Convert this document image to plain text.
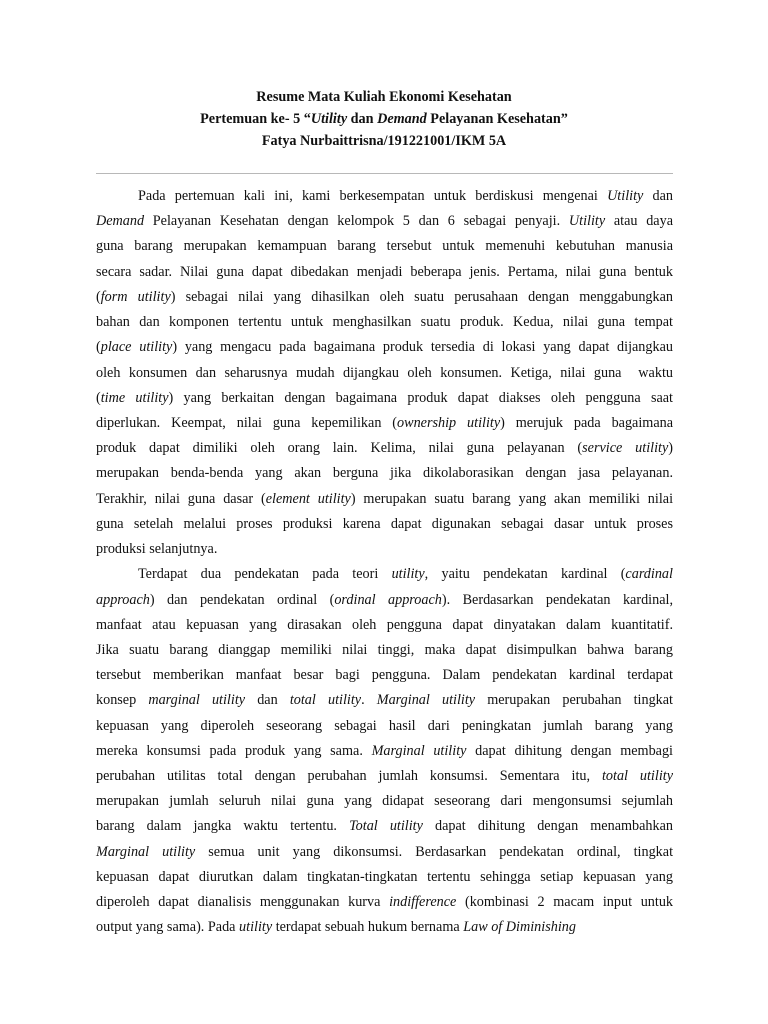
Resume Mata Kuliah Ekonomi Kesehatan
Pertemuan ke- 5 “Utility dan Demand Pelayanan Kesehatan”
Fatya Nurbaittrisna/191221001/IKM 5A

Pada pertemuan kali ini, kami berkesempatan untuk berdiskusi mengenai Utility dan
Demand Pelayanan Kesehatan dengan kelompok 5 dan 6 sebagai penyaji. Utility atau daya
guna barang merupakan kemampuan barang tersebut untuk memenuhi kebutuhan manusia
secara sadar. Nilai guna dapat dibedakan menjadi beberapa jenis. Pertama, nilai guna bentuk
(form utility) sebagai nilai yang dihasilkan oleh suatu perusahaan dengan menggabungkan
bahan dan komponen tertentu untuk menghasilkan suatu produk. Kedua, nilai guna tempat
(place utility) yang mengacu pada bagaimana produk tersedia di lokasi yang dapat dijangkau
oleh konsumen dan seharusnya mudah dijangkau oleh konsumen. Ketiga, nilai guna  waktu
(time utility) yang berkaitan dengan bagaimana produk dapat diakses oleh pengguna saat
diperlukan. Keempat, nilai guna kepemilikan (ownership utility) merujuk pada bagaimana
produk dapat dimiliki oleh orang lain. Kelima, nilai guna pelayanan (service utility)
merupakan benda-benda yang akan berguna jika dikolaborasikan dengan jasa pelayanan.
Terakhir, nilai guna dasar (element utility) merupakan suatu barang yang akan memiliki nilai
guna setelah melalui proses produksi karena dapat digunakan sebagai dasar untuk proses
produksi selanjutnya.

Terdapat dua pendekatan pada teori utility, yaitu pendekatan kardinal (cardinal
approach) dan pendekatan ordinal (ordinal approach). Berdasarkan pendekatan kardinal,
manfaat atau kepuasan yang dirasakan oleh pengguna dapat dinyatakan dalam kuantitatif.
Jika suatu barang dianggap memiliki nilai tinggi, maka dapat disimpulkan bahwa barang
tersebut memberikan manfaat besar bagi pengguna. Dalam pendekatan kardinal terdapat
konsep marginal utility dan total utility. Marginal utility merupakan perubahan tingkat
kepuasan yang diperoleh seseorang sebagai hasil dari peningkatan jumlah barang yang
mereka konsumsi pada produk yang sama. Marginal utility dapat dihitung dengan membagi
perubahan utilitas total dengan perubahan jumlah konsumsi. Sementara itu, total utility
merupakan jumlah seluruh nilai guna yang didapat seseorang dari mengonsumsi sejumlah
barang dalam jangka waktu tertentu. Total utility dapat dihitung dengan menambahkan
Marginal utility semua unit yang dikonsumsi. Berdasarkan pendekatan ordinal, tingkat
kepuasan dapat diurutkan dalam tingkatan-tingkatan tertentu sehingga setiap kepuasan yang
diperoleh dapat dianalisis menggunakan kurva indifference (kombinasi 2 macam input untuk
output yang sama). Pada utility terdapat sebuah hukum bernama Law of Diminishing
